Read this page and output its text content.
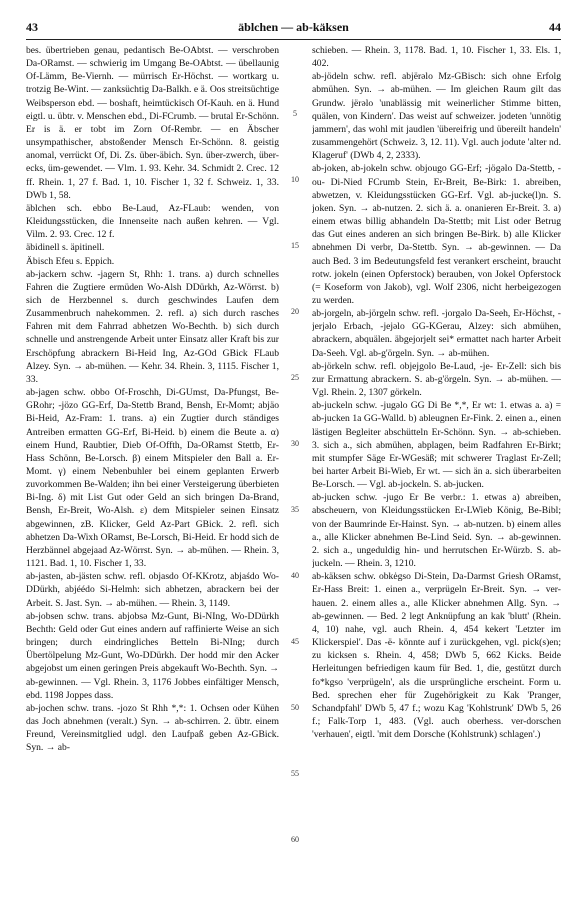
43	äblchen — ab-käksen	44

bes. übertrieben genau, pedantisch Be-OAbtst. — verschroben Da-ORamst. — schwierig im Umgang Be-OAbtst. — übellaunig Of-Lämm, Be-Viernh. — mürrisch Er-Höchst. — wortkarg u. trotzig Be-Wint. — zanksüchtig Da-Balkh. e ä. Oos streitsüchtige Weibsperson ebd. — boshaft, heimtückisch Of-Kauh. en ä. Hund eigtl. u. übtr. v. Menschen ebd., Di-FCrumb. — brutal Er-Schönn. Er is ä. er tobt im Zorn Of-Rembr. — en Äbscher unsympathischer, abstoßender Mensch Er-Schönn. 8. geistig anomal, verrückt Of, Di. Zs. über-äbich. Syn. über-zwerch, über-ecks, üm-gewendet. — Vlm. 1. 93. Kehr. 34. Schmidt 2. Crec. 12 ff. Rhein. 1, 27 f. Bad. 1, 10. Fischer 1, 32 f. Schweiz. 1, 33. DWb 1, 58.

äblchen sch. ebbo Be-Laud, Az-FLaub: wenden, von Kleidungsstücken, die Innenseite nach außen kehren. — Vgl. Vilm. 2. 93. Crec. 12 f.

äbidinell s. äpitinell.

Äbisch Efeu s. Eppich.

ab-jackern schw. -jagern St, Rhh: 1. trans. a) durch schnelles Fahren die Zugtiere ermüden Wo-Alsh DDürkh, Az-Wörrst. b) sich de Herzbennel s. durch geschwindes Laufen dem Zusammenbruch nahekommen. 2. refl. a) sich durch rasches Fahren mit dem Fahrrad abhetzen Wo-Bechth. b) sich durch schnelle und anstrengende Arbeit unter Einsatz aller Kraft bis zur Erschöpfung abrackern Bi-Heid Ing, Az-GOd GBick FLaub Alzey. Syn. → ab-mühen. — Kehr. 34. Rhein. 3, 1115. Fischer 1, 33.

ab-jagen schw. obbo Of-Froschh, Di-GUmst, Da-Pfungst, Be-GRohr; -jözo GG-Erf, Da-Stettb Brand, Bensh, Er-Momt; abjäo Bi-Heid, Az-Fram: 1. trans. a) ein Zugtier durch ständiges Antreiben ermatten GG-Erf, Bi-Heid. b) einem die Beute a. α) einem Hund, Raubtier, Dieb Of-Offth, Da-ORamst Stettb, Er-Hass Schönn, Be-Lorsch. β) einem Mitspieler den Ball a. Er-Momt. γ) einem Nebenbuhler bei einem geplanten Erwerb zuvorkommen Be-Walden; ihn bei einer Versteigerung überbieten Bi-Ing. δ) mit List Gut oder Geld an sich bringen Da-Brand, Bensh, Er-Breit, Wo-Alsh. ε) dem Mitspieler seinen Einsatz abgewinnen, zB. Klicker, Geld Az-Part GBick. 2. refl. sich abhetzen Da-Wixh ORamst, Be-Lorsch, Bi-Heid. Er hodd sich de Herzbännel abgejaad Az-Wörrst. Syn. → ab-mühen. — Rhein. 3, 1121. Bad. 1, 10. Fischer 1, 33.

ab-jasten, ab-jästen schw. refl. objasdo Of-KKrotz, abjaśdo Wo-DDürkh, abjéédo Si-Helmh: sich abhetzen, abrackern bei der Arbeit. S. Jast. Syn. → ab-mühen. — Rhein. 3, 1149.

ab-jobsen schw. trans. abjobsə Mz-Gunt, Bi-NIng, Wo-DDürkh Bechth: Geld oder Gut eines andern auf raffinierte Weise an sich bringen; durch eindringliches Betteln Bi-NIng; durch Übertölpelung Mz-Gunt, Wo-DDürkh. Der hodd mir den Acker abgejobst um einen geringen Preis abgekauft Wo-Bechth. Syn. → ab-gewinnen. — Vgl. Rhein. 3, 1176 Jobbes einfältiger Mensch, ebd. 1198 Joppes dass.

ab-jochen schw. trans. -jozo St Rhh *,*: 1. Ochsen oder Kühen das Joch abnehmen (veralt.) Syn. → ab-schirren. 2. übtr. einem Freund, Vereinsmitglied udgl. den Laufpaß geben Az-GBick. Syn. → ab-

5
10
15
20
25
30
35
40
45
50
55
60

schieben. — Rhein. 3, 1178. Bad. 1, 10. Fischer 1, 33. Els. 1, 402.

ab-jödeln schw. refl. abjërəlo Mz-GBisch: sich ohne Erfolg abmühen. Syn. → ab-mühen. — Im gleichen Raum gilt das Grundw. jërəlo 'unablässig mit weinerlicher Stimme bitten, quälen, von Kindern'. Das weist auf schweizer. jodeten 'unnötig jammern', das wohl mit jaudlen 'übereifrig und übereilt handeln' zusammengehört (Schweiz. 3, 12. 11). Vgl. auch jodute 'alter nd. Klageruf' (DWb 4, 2, 2333).

ab-joken, ab-jokeln schw. objougo GG-Erf; -jögəlo Da-Stettb, -ou- Di-Nied FCrumb Stein, Er-Breit, Be-Birk: 1. abreiben, abwetzen, v. Kleidungsstücken GG-Erf. Vgl. ab-jucke(l)n. S. joken. Syn. → ab-nutzen. 2. sich ä. a. onanieren Er-Breit. 3. a) einem etwas billig abhandeln Da-Stettb; mit List oder Betrug das Gut eines anderen an sich bringen Be-Birk. b) alle Klicker abnehmen Di verbr, Da-Stettb. Syn. → ab-gewinnen. — Da auch Bed. 3 im Bedeutungsfeld fest verankert erscheint, braucht rotw. jokeln (einen Opferstock) berauben, von Jokel Opferstock (= Koseform von Jakob), vgl. Wolf 2306, nicht herbeigezogen zu werden.

ab-jorgeln, ab-jörgeln schw. refl. -jorgəlo Da-Seeh, Er-Höchst, -jerjəlo Erbach, -jejəlo GG-KGerau, Alzey: sich abmühen, abrackern, abquälen. äbgejorjelt sei* ermattet nach harter Arbeit Da-Seeh. Vgl. ab-g'örgeln. Syn. → ab-mühen.

ab-jörkeln schw. refl. objejgolo Be-Laud, -je- Er-Zell: sich bis zur Ermattung abrackern. S. ab-g'örgeln. Syn. → ab-mühen. — Vgl. Rhein. 2, 1307 görkeln.

ab-juckeln schw. -jugəlo GG Di Be *,*, Er wt: 1. etwas a. a) = ab-jucken 1a GG-Walld. b) ableugnen Er-Fink. 2. einen a., einen lästigen Begleiter abschütteln Er-Schönn. Syn. → ab-schieben. 3. sich a., sich abmühen, abplagen, beim Radfahren Er-Birkt; mit stumpfer Säge Er-WGesäß; mit schwerer Traglast Er-Zell; bei harter Arbeit Bi-Wieb, Er wt. — sich än a. sich überarbeiten Be-Lorsch. — Vgl. ab-jockeln. S. ab-jucken.

ab-jucken schw. -jugo Er Be verbr.: 1. etwas a) abreiben, abscheuern, von Kleidungsstücken Er-LWieb König, Be-Bibl; von der Baumrinde Er-Hainst. Syn. → ab-nutzen. b) einem alles a., alle Klicker abnehmen Be-Lind Seid. Syn. → ab-gewinnen. 2. sich a., ungeduldig hin- und herrutschen Er-Würzb. S. ab-juckeln. — Rhein. 3, 1210.

ab-käksen schw. obkėgso Di-Stein, Da-Darmst Griesh ORamst, Er-Hass Breit: 1. einen a., verprügeln Er-Breit. Syn. → ver-hauen. 2. einem alles a., alle Klicker abnehmen Allg. Syn. → ab-gewinnen. — Bed. 2 legt Anknüpfung an kak 'blutt' (Rhein. 4, 10) nahe, vgl. auch Rhein. 4, 454 kekert 'Letzter im Klickerspiel'. Das -ë- könnte auf i zurückgehen, vgl. pick(s)en; zu kicksen s. Rhein. 4, 458; DWb 5, 662 Kicks. Beide Herleitungen befriedigen kaum für Bed. 1, die, gestützt durch fo*kgso 'verprügeln', als die ursprüngliche erscheint. Form u. Bed. sprechen eher für Zugehörigkeit zu Kak 'Pranger, Schandpfahl' DWb 5, 47 f.; wozu Kag 'Kohlstrunk' DWb 5, 26 f.; Falk-Torp 1, 483. (Vgl. auch oberhess. ver-dorschen 'verhauen', eigtl. 'mit dem Dorsche (Kohlstrunk) schlagen'.)
